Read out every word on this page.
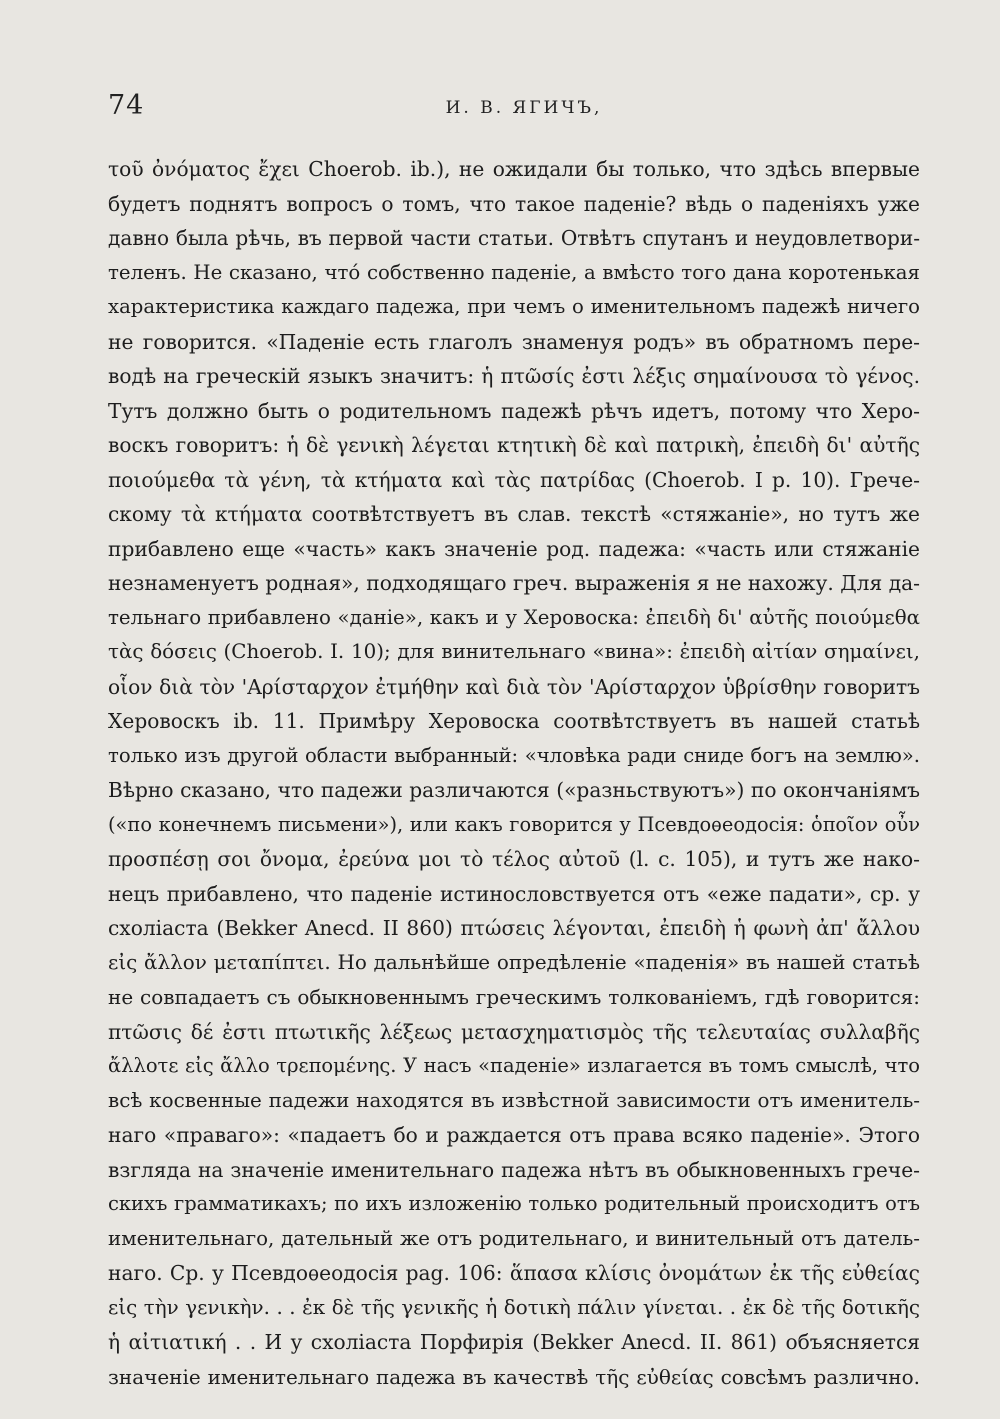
74	И. В. ЯГИЧЪ,
τοῦ ὀνόματος ἔχει Choerob. ib.), не ожидали бы только, что здѣсь впервые
будетъ поднятъ вопросъ о томъ, что такое паденіе? вѣдь о паденіяхъ уже
давно была рѣчь, въ первой части статьи. Отвѣтъ спутанъ и неудовлетвори-
теленъ. Не сказано, что́ собственно паденіе, а вмѣсто того дана коротенькая
характеристика каждаго падежа, при чемъ о именительномъ падежѣ ничего
не говорится. «Паденіе есть глаголъ знаменуя родъ» въ обратномъ пере-
водѣ на греческій языкъ значитъ: ἡ πτῶσίς ἐστι λέξις σημαίνουσα τὸ γένος.
Тутъ должно быть о родительномъ падежѣ рѣчъ идетъ, потому что Херо-
воскъ говоритъ: ἡ δὲ γενικὴ λέγεται κτητικὴ δὲ καὶ πατρικὴ, ἐπειδὴ δι' αὐτῆς
ποιούμεθα τὰ γένη, τὰ κτήματα καὶ τὰς πατρίδας (Choerob. I p. 10). Грече-
скому τὰ κτήματα соотвѣтствуетъ въ слав. текстѣ «стяжаніе», но тутъ же
прибавлено еще «часть» какъ значеніе род. падежа: «часть или стяжаніе
незнаменуетъ родная», подходящаго греч. выраженія я не нахожу. Для да-
тельнаго прибавлено «даніе», какъ и у Херовоска: ἐπειδὴ δι' αὐτῆς ποιούμεθα
τὰς δόσεις (Choerob. I. 10); для винительнаго «вина»: ἐπειδὴ αἰτίαν σημαίνει,
οἷον διὰ τὸν 'Αρίσταρχον ἐτμήθην καὶ διὰ τὸν 'Αρίσταρχον ὑβρίσθην говоритъ
Херовоскъ ib. 11. Примѣру Херовоска соотвѣтствуетъ въ нашей статьѣ
только изъ другой области выбранный: «чловѣка ради сниде богъ на землю».
Вѣрно сказано, что падежи различаются («разньствуютъ») по окончаніямъ
(«по конечнемъ письмени»), или какъ говорится у Псевдоѳеодосія: ὁποῖον οὖν
προσπέσῃ σοι ὄνομα, ἐρεύνα μοι τὸ τέλος αὐτοῦ (l. c. 105), и тутъ же нако-
нецъ прибавлено, что паденіе истинословствуется отъ «еже падати», ср. у
схоліаста (Bekker Anecd. II 860) πτώσεις λέγονται, ἐπειδὴ ἡ φωνὴ ἀπ' ἄλλου
εἰς ἄλλον μεταπίπτει. Но дальнѣйше опредѣленіе «паденія» въ нашей статьѣ
не совпадаетъ съ обыкновеннымъ греческимъ толкованіемъ, гдѣ говорится:
πτῶσις δέ ἐστι πτωτικῆς λέξεως μετασχηματισμὸς τῆς τελευταίας συλλαβῆς
ἄλλοτε εἰς ἄλλο τρεπομένης. У насъ «паденіе» излагается въ томъ смыслѣ, что
всѣ косвенные падежи находятся въ извѣстной зависимости отъ именитель-
наго «праваго»: «падаетъ бо и раждается отъ права всяко паденіе». Этого
взгляда на значеніе именительнаго падежа нѣтъ въ обыкновенныхъ грече-
скихъ грамматикахъ; по ихъ изложенію только родительный происходитъ отъ
именительнаго, дательный же отъ родительнаго, и винительный отъ датель-
наго. Ср. у Псевдоѳеодосія pag. 106: ἅπασα κλίσις ὀνομάτων ἐκ τῆς εὐθείας
εἰς τὴν γενικὴν. . . ἐκ δὲ τῆς γενικῆς ἡ δοτικὴ πάλιν γίνεται. . ἐκ δὲ τῆς δοτικῆς
ἡ αἰτιατική . . И у схоліаста Порфирія (Bekker Anecd. II. 861) объясняется
значеніе именительнаго падежа въ качествѣ τῆς εὐθείας совсѣмъ различно.
